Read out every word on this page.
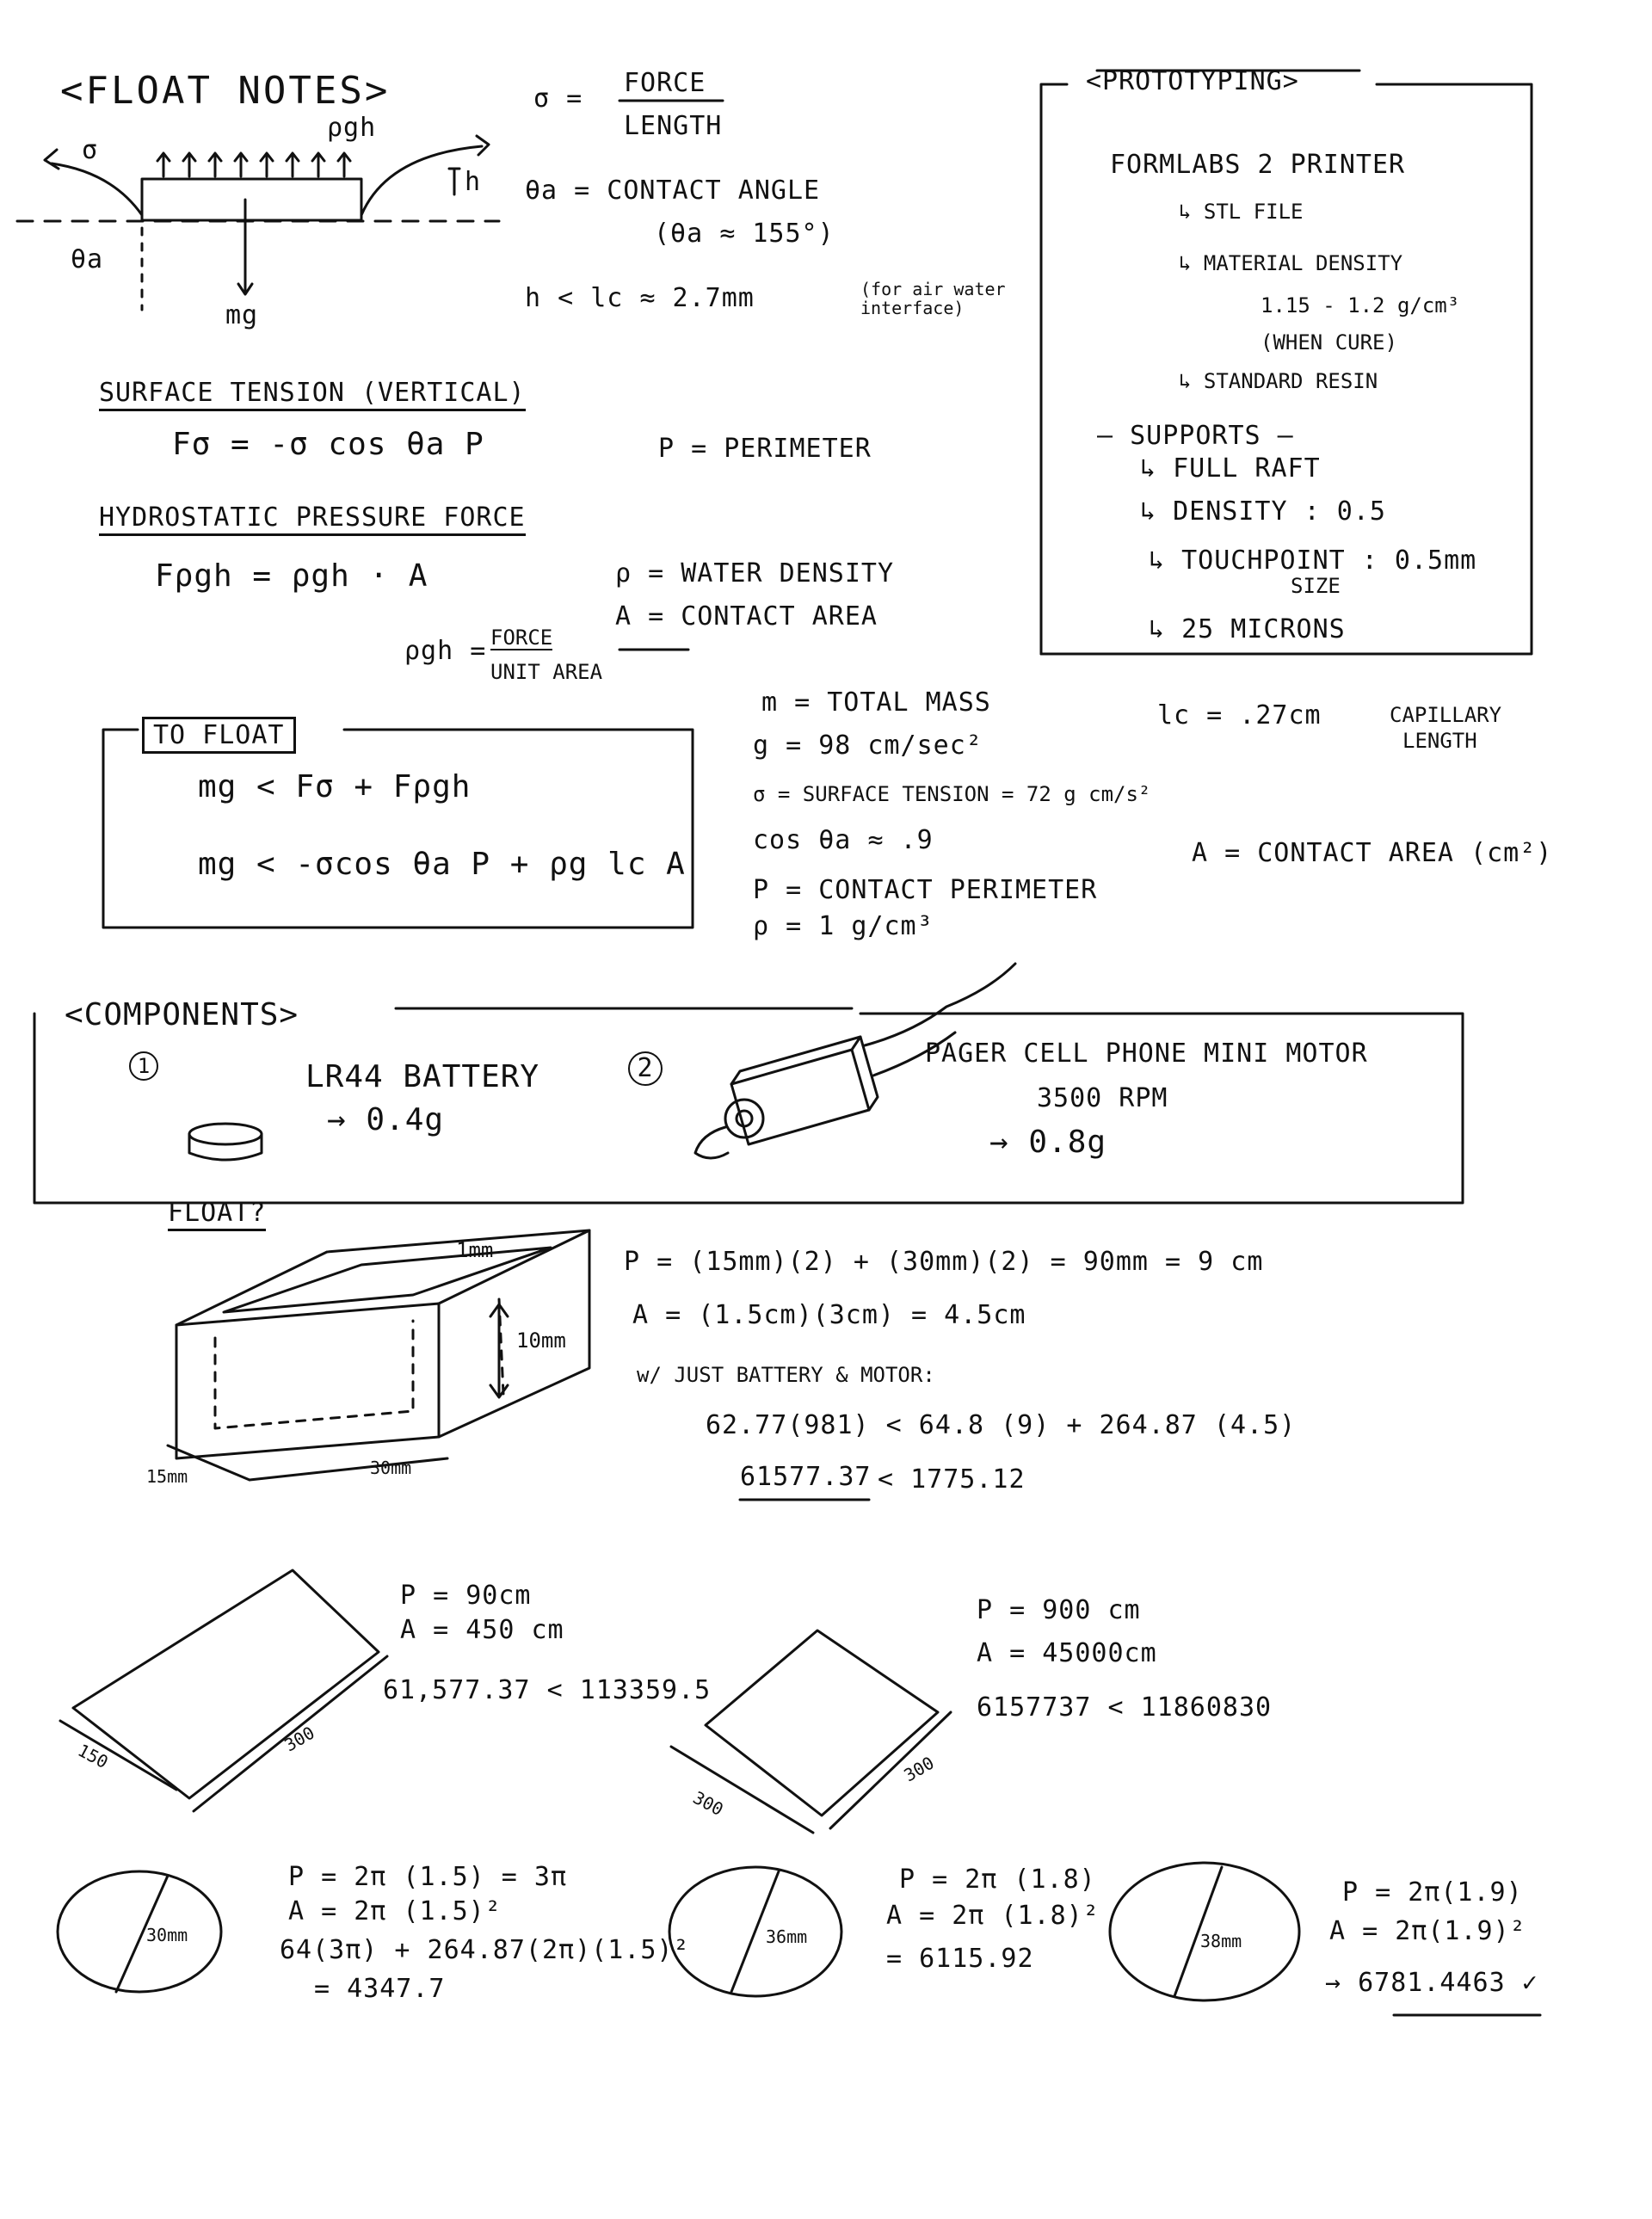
<FLOAT NOTES>
σ
ρgh
h
θa
mg
σ =
FORCE
LENGTH
θa = CONTACT ANGLE
(θa ≈ 155°)
h < lc ≈ 2.7mm	(for air water interface)
SURFACE TENSION (VERTICAL)
Fσ = -σ cos θa P	P = PERIMETER
HYDROSTATIC PRESSURE FORCE
Fρgh = ρgh · A	ρ = WATER DENSITY
A = CONTACT AREA
ρgh = FORCE
UNIT AREA
TO FLOAT
mg < Fσ + Fρgh
mg < -σcos θa P + ρg lc A
m = TOTAL MASS
g = 98 cm/sec²
σ = SURFACE TENSION = 72 g cm/s²
cos θa ≈ .9
P = CONTACT PERIMETER
ρ = 1 g/cm³
lc = .27cm	CAPILLARY
LENGTH
A = CONTACT AREA (cm²)
<PROTOTYPING>
FORMLABS 2 PRINTER
↳ STL FILE
↳ MATERIAL DENSITY
1.15 - 1.2 g/cm³
(WHEN CURE)
↳ STANDARD RESIN
— SUPPORTS —
↳ FULL RAFT
↳ DENSITY : 0.5
↳ TOUCHPOINT : 0.5mm
SIZE
↳ 25 MICRONS
<COMPONENTS>
1	LR44 BATTERY
→ 0.4g
2	PAGER CELL PHONE MINI MOTOR
3500 RPM
→ 0.8g
FLOAT?
1mm
10mm
15mm	30mm
P = (15mm)(2) + (30mm)(2) = 90mm = 9 cm
A = (1.5cm)(3cm) = 4.5cm
w/ JUST BATTERY & MOTOR:
62.77(981) < 64.8 (9) + 264.87 (4.5)
61577.37 < 1775.12
P = 90cm
A = 450 cm
61,577.37 < 113359.5
150
300
P = 900 cm
A = 45000cm
6157737 < 11860830
300
300
30mm
P = 2π (1.5) = 3π
A = 2π (1.5)²
64(3π) + 264.87(2π)(1.5)²
= 4347.7
36mm
P = 2π (1.8)
A = 2π (1.8)²
= 6115.92
38mm
P = 2π(1.9)
A = 2π(1.9)²
→ 6781.4463 ✓
